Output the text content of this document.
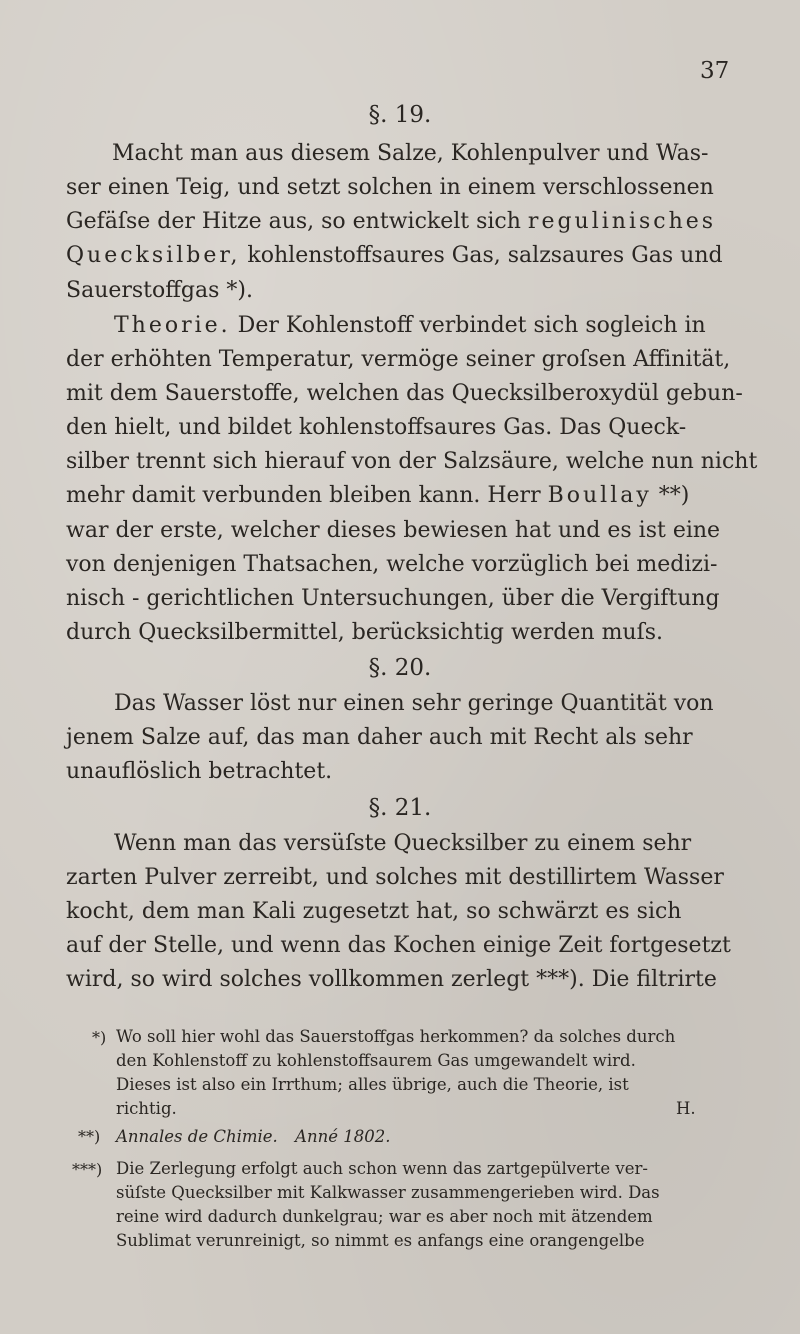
37
§. 19.
Macht man aus diesem Salze, Kohlenpulver und Was-
ser einen Teig, und setzt solchen in einem verschlossenen
Gefäſse der Hitze aus, so entwickelt sich regulinisches
Quecksilber, kohlenstoffsaures Gas, salzsaures Gas und
Sauerstoffgas *).
Theorie. Der Kohlenstoff verbindet sich sogleich in
der erhöhten Temperatur, vermöge seiner groſsen Affinität,
mit dem Sauerstoffe, welchen das Quecksilberoxydül gebun-
den hielt, und bildet kohlenstoffsaures Gas. Das Queck-
silber trennt sich hierauf von der Salzsäure, welche nun nicht
mehr damit verbunden bleiben kann. Herr Boullay **)
war der erste, welcher dieses bewiesen hat und es ist eine
von denjenigen Thatsachen, welche vorzüglich bei medizi-
nisch - gerichtlichen Untersuchungen, über die Vergiftung
durch Quecksilbermittel, berücksichtig werden muſs.
§. 20.
Das Wasser löst nur einen sehr geringe Quantität von
jenem Salze auf, das man daher auch mit Recht als sehr
unauflöslich betrachtet.
§. 21.
Wenn man das versüſste Quecksilber zu einem sehr
zarten Pulver zerreibt, und solches mit destillirtem Wasser
kocht, dem man Kali zugesetzt hat, so schwärzt es sich
auf der Stelle, und wenn das Kochen einige Zeit fortgesetzt
wird, so wird solches vollkommen zerlegt ***). Die filtrirte
*) Wo soll hier wohl das Sauerstoffgas herkommen? da solches durch
den Kohlenstoff zu kohlenstoffsaurem Gas umgewandelt wird.
Dieses ist also ein Irrthum; alles übrige, auch die Theorie, ist
richtig.	H.
**) Annales de Chimie. Anné 1802.
***) Die Zerlegung erfolgt auch schon wenn das zartgepülverte ver-
süſste Quecksilber mit Kalkwasser zusammengerieben wird. Das
reine wird dadurch dunkelgrau; war es aber noch mit ätzendem
Sublimat verunreinigt, so nimmt es anfangs eine orangengelbe
